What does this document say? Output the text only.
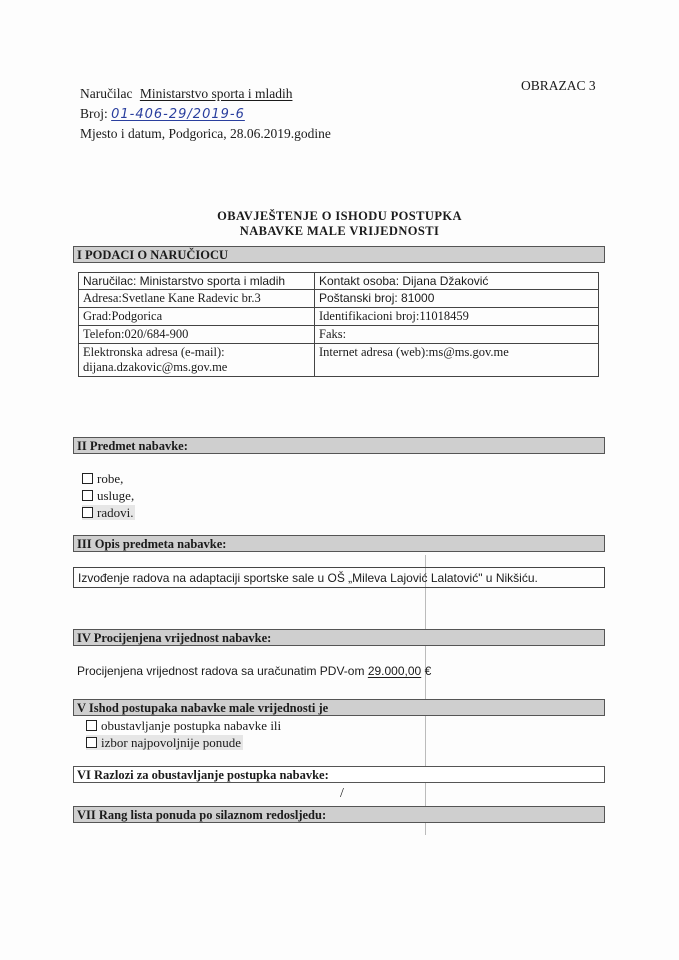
OBRAZAC 3
Naručilac Ministarstvo sporta i mladih
Broj: 01-406-29/2019-6
Mjesto i datum, Podgorica, 28.06.2019.godine
OBAVJEŠTENJE O ISHODU POSTUPKA
NABAVKE MALE VRIJEDNOSTI
I PODACI O NARUČIOCU
Naručilac: Ministarstvo sporta i mladih	Kontakt osoba: Dijana Džaković
Adresa:Svetlane Kane Radevic br.3	Poštanski broj: 81000
Grad:Podgorica	Identifikacioni broj:11018459
Telefon:020/684-900	Faks:

Elektronska adresa (e-mail):
dijana.dzakovic@ms.gov.me	Internet adresa (web):ms@ms.gov.me
II Predmet nabavke:
robe,
usluge,
radovi.
III Opis predmeta nabavke:
Izvođenje radova na adaptaciji sportske sale u OŠ „Mileva Lajović Lalatović" u Nikšiću.
IV Procijenjena vrijednost nabavke:
Procijenjena vrijednost radova sa uračunatim PDV-om 29.000,00 €
V Ishod postupaka nabavke male vrijednosti je
obustavljanje postupka nabavke ili
izbor najpovoljnije ponude
VI Razlozi za obustavljanje postupka nabavke:
/
VII Rang lista ponuda po silaznom redosljedu:
